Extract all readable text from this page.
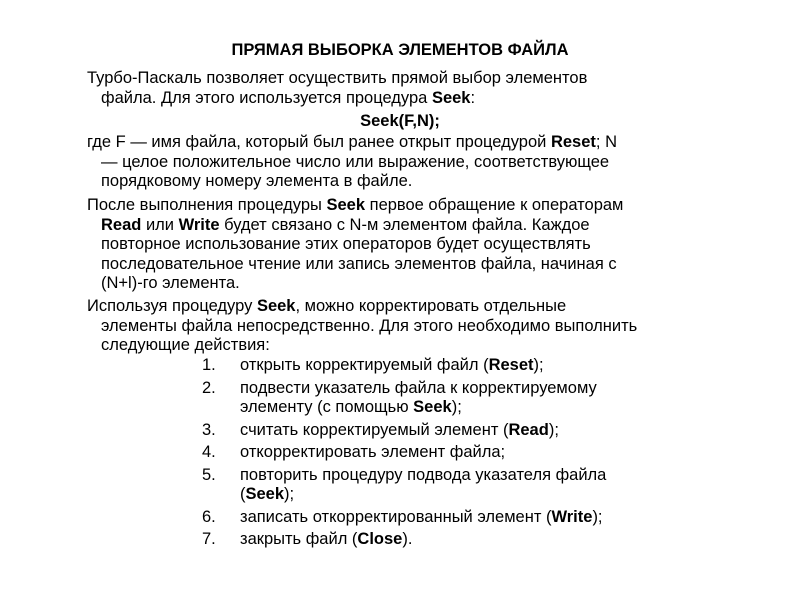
ПРЯМАЯ ВЫБОРКА ЭЛЕМЕНТОВ ФАЙЛА

Турбо-Паскаль позволяет осуществить прямой выбор элементов
файла. Для этого используется процедура Seek:

Seek(F,N);

где F — имя файла, который был ранее открыт процедурой Reset; N
— целое положительное число или выражение, соответствующее
порядковому номеру элемента в файле.

После выполнения процедуры Seek первое обращение к операторам
Read или Write будет связано с N-м элементом файла. Каждое
повторное использование этих операторов будет осуществлять
последовательное чтение или запись элементов файла, начиная с
(N+l)-го элемента.

Используя процедуру Seek, можно корректировать отдельные
элементы файла непосредственно. Для этого необходимо выполнить
следующие действия:

1. открыть корректируемый файл (Reset);
2. подвести указатель файла к корректируемому
элементу (с помощью Seek);
3. считать корректируемый элемент (Read);
4. откорректировать элемент файла;
5. повторить процедуру подвода указателя файла
(Seek);
6. записать откорректированный элемент (Write);
7. закрыть файл (Close).
